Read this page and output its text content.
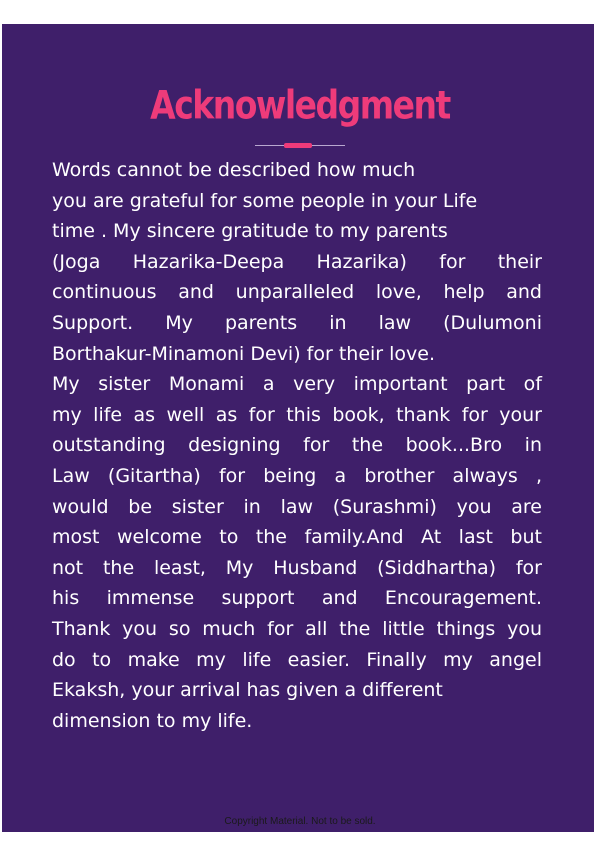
Acknowledgment
Words cannot be described how much
you are grateful for some people in your Life
time . My sincere gratitude to my parents
(Joga Hazarika-Deepa Hazarika) for their
continuous and unparalleled love, help and
Support. My parents in law (Dulumoni
Borthakur-Minamoni Devi) for their love.
My sister Monami a very important part of
my life as well as for this book, thank for your
outstanding designing for the book...Bro in
Law (Gitartha) for being a brother always ,
would be sister in law (Surashmi) you are
most welcome to the family.And At last but
not the least, My Husband (Siddhartha) for
his immense support and Encouragement.
Thank you so much for all the little things you
do to make my life easier. Finally my angel
Ekaksh, your arrival has given a different
dimension to my life.
Copyright Material. Not to be sold.
